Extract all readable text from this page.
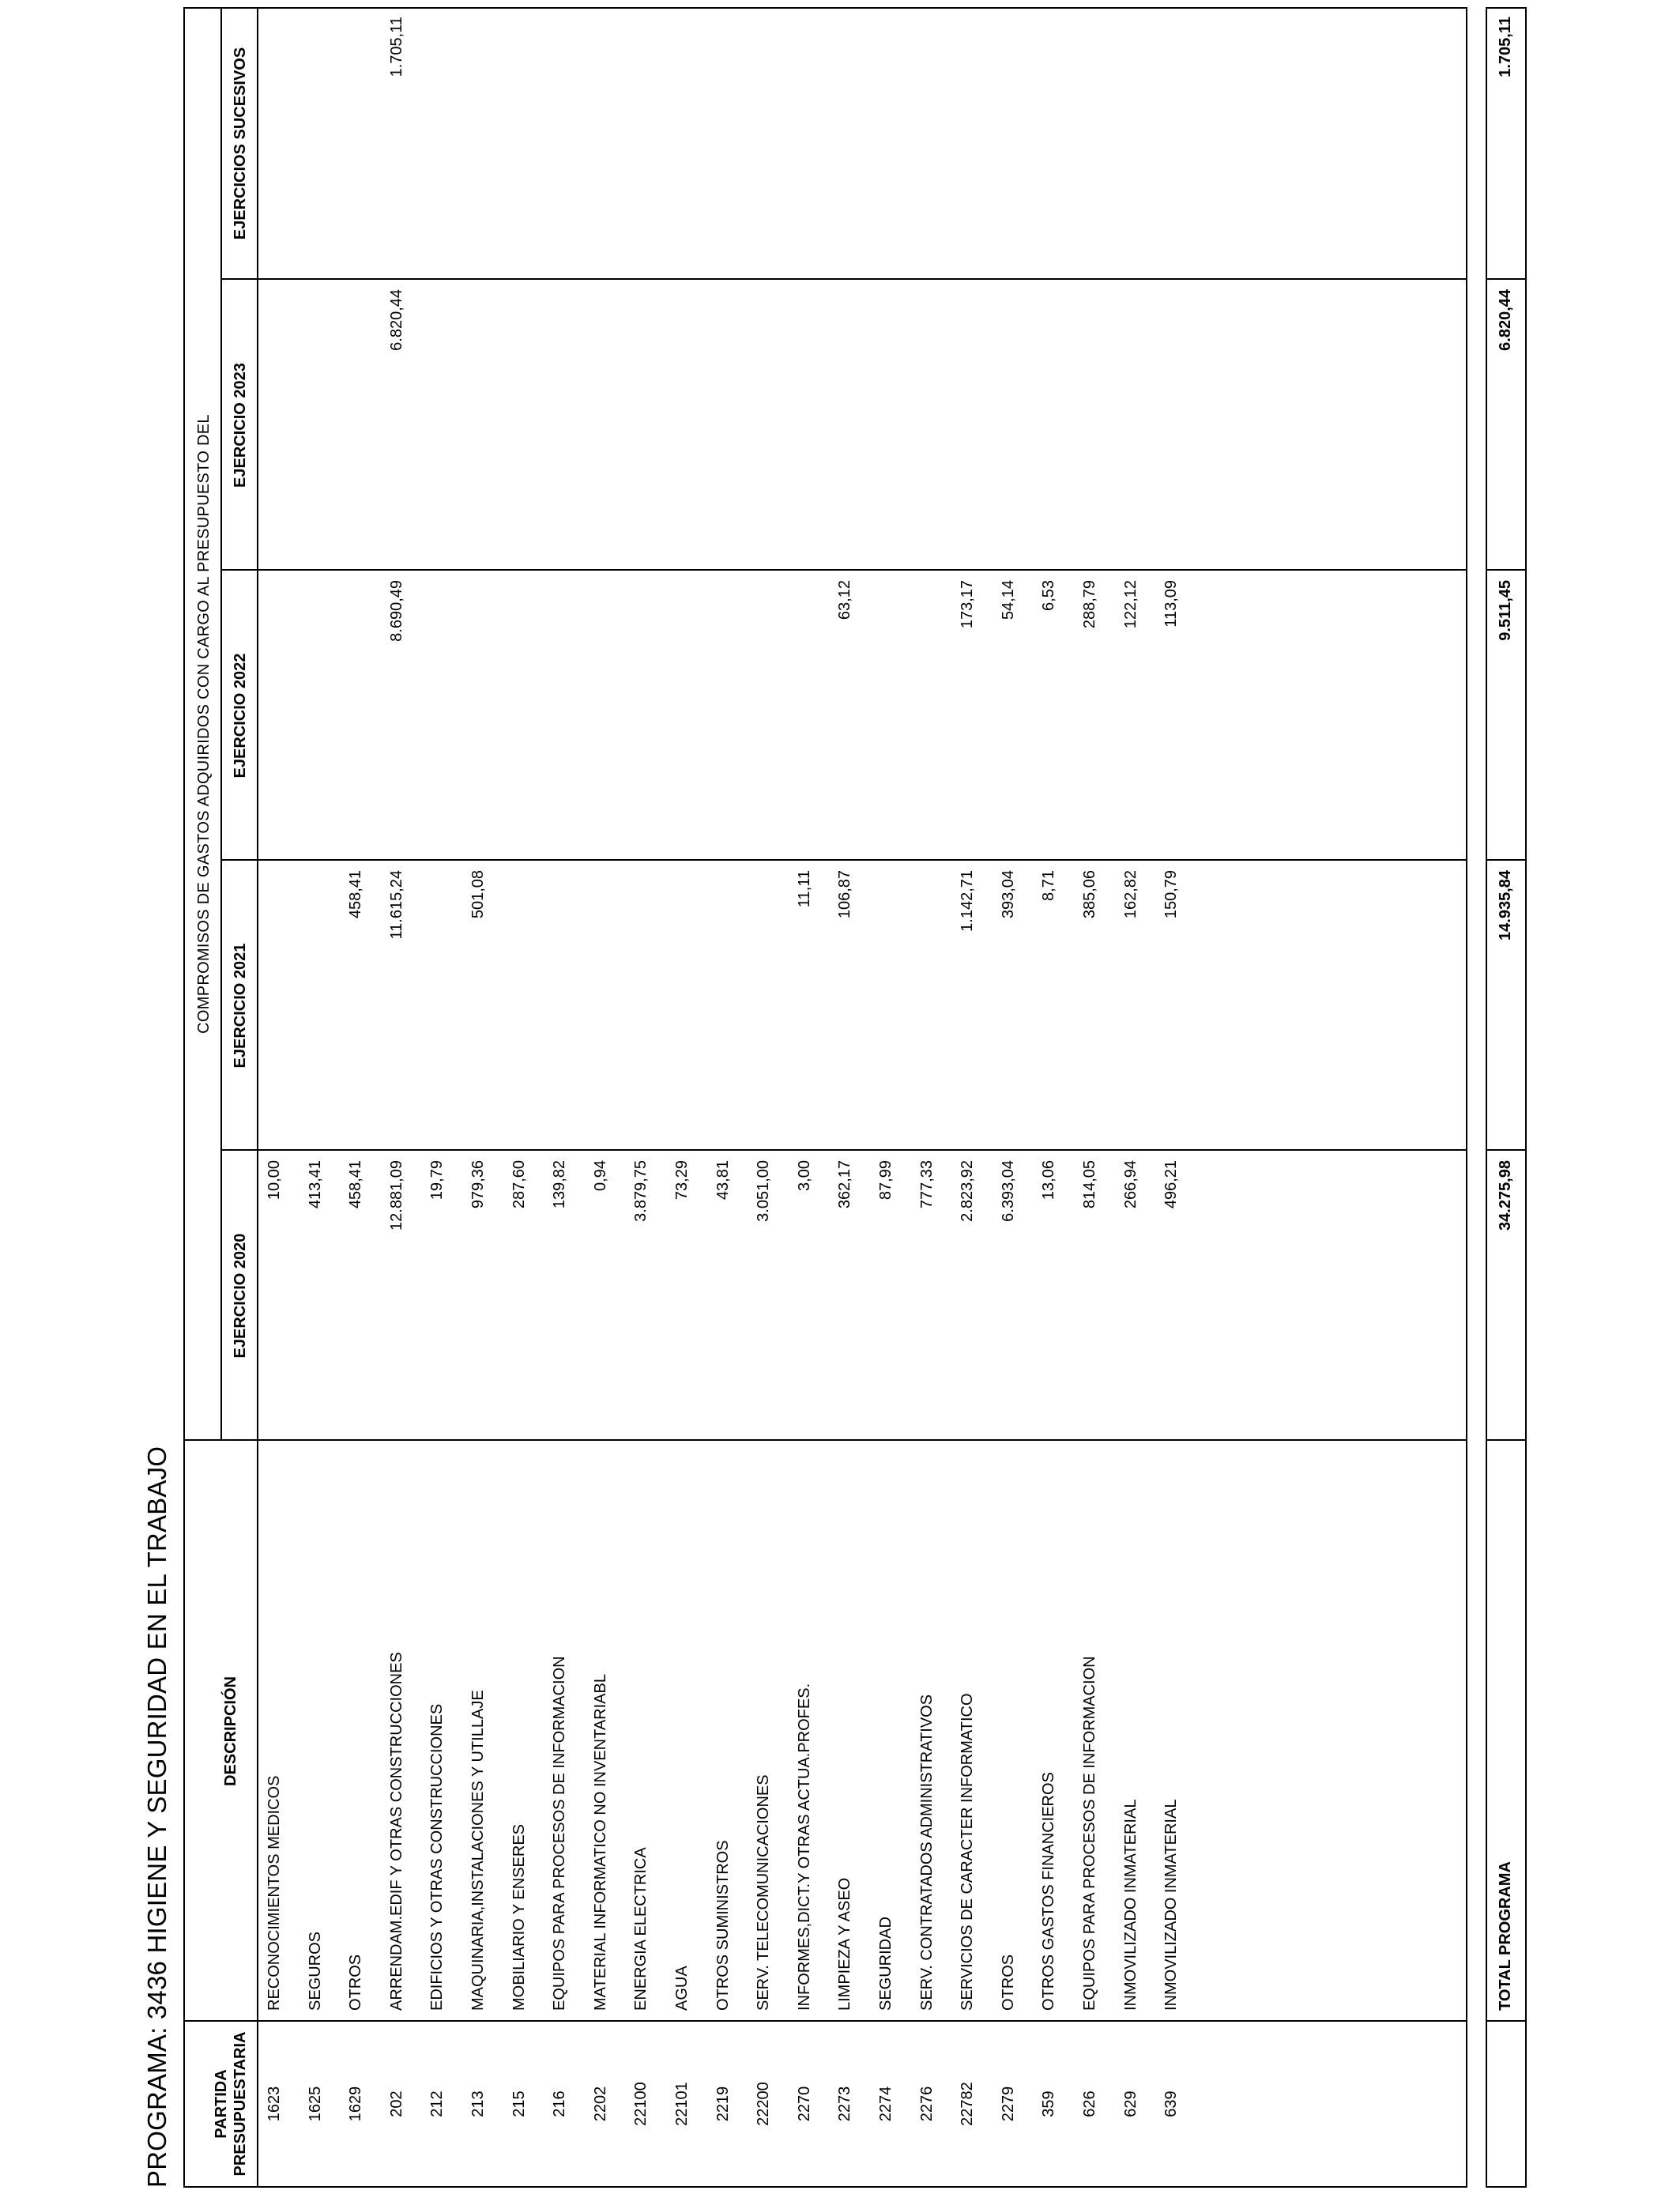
PROGRAMA: 3436 HIGIENE Y SEGURIDAD EN EL TRABAJO	PARTIDA PRESUPUESTARIA
DESCRIPCIÓN
COMPROMISOS DE GASTOS ADQUIRIDOS CON CARGO AL PRESUPUESTO DEL
EJERCICIO 2020
EJERCICIO 2021
EJERCICIO 2022
EJERCICIO 2023
EJERCICIOS SUCESIVOS
1623
RECONOCIMIENTOS MEDICOS
10,00
1625
SEGUROS
413,41
1629
OTROS
458,41
458,41
202
ARRENDAM.EDIF Y OTRAS CONSTRUCCIONES
12.881,09
11.615,24
8.690,49
6.820,44
1.705,11
212
EDIFICIOS Y OTRAS CONSTRUCCIONES
19,79
213
MAQUINARIA,INSTALACIONES Y UTILLAJE
979,36
501,08
215
MOBILIARIO Y ENSERES
287,60
216
EQUIPOS PARA PROCESOS DE INFORMACION
139,82
2202
MATERIAL INFORMATICO NO INVENTARIABL
0,94
22100
ENERGIA ELECTRICA
3.879,75
22101
AGUA
73,29
2219
OTROS SUMINISTROS
43,81
22200
SERV. TELECOMUNICACIONES
3.051,00
2270
INFORMES,DICT.Y OTRAS ACTUA.PROFES.
3,00
11,11
2273
LIMPIEZA Y ASEO
362,17
106,87
63,12
2274
SEGURIDAD
87,99
2276
SERV. CONTRATADOS ADMINISTRATIVOS
777,33
22782
SERVICIOS DE CARACTER INFORMATICO
2.823,92
1.142,71
173,17
2279
OTROS
6.393,04
393,04
54,14
359
OTROS GASTOS FINANCIEROS
13,06
8,71
6,53
626
EQUIPOS PARA PROCESOS DE INFORMACION
814,05
385,06
288,79
629
INMOVILIZADO INMATERIAL
266,94
162,82
122,12
639
INMOVILIZADO INMATERIAL
496,21
150,79
113,09
TOTAL PROGRAMA
34.275,98
14.935,84
9.511,45
6.820,44
1.705,11
